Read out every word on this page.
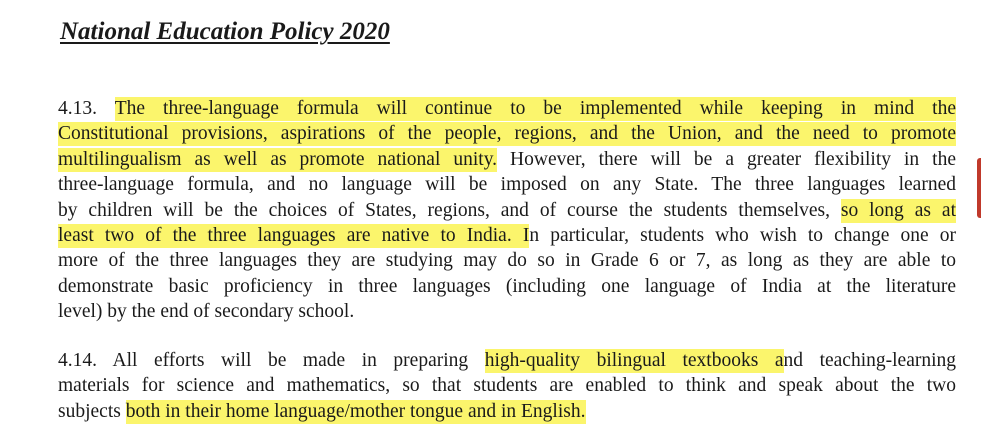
National Education Policy 2020
4.13. The three-language formula will continue to be implemented while keeping in mind the
Constitutional provisions, aspirations of the people, regions, and the Union, and the need to promote
multilingualism as well as promote national unity. However, there will be a greater flexibility in the
three-language formula, and no language will be imposed on any State. The three languages learned
by children will be the choices of States, regions, and of course the students themselves, so long as at
least two of the three languages are native to India. In particular, students who wish to change one or
more of the three languages they are studying may do so in Grade 6 or 7, as long as they are able to
demonstrate basic proficiency in three languages (including one language of India at the literature
level) by the end of secondary school.
4.14. All efforts will be made in preparing high-quality bilingual textbooks and teaching-learning
materials for science and mathematics, so that students are enabled to think and speak about the two
subjects both in their home language/mother tongue and in English.
